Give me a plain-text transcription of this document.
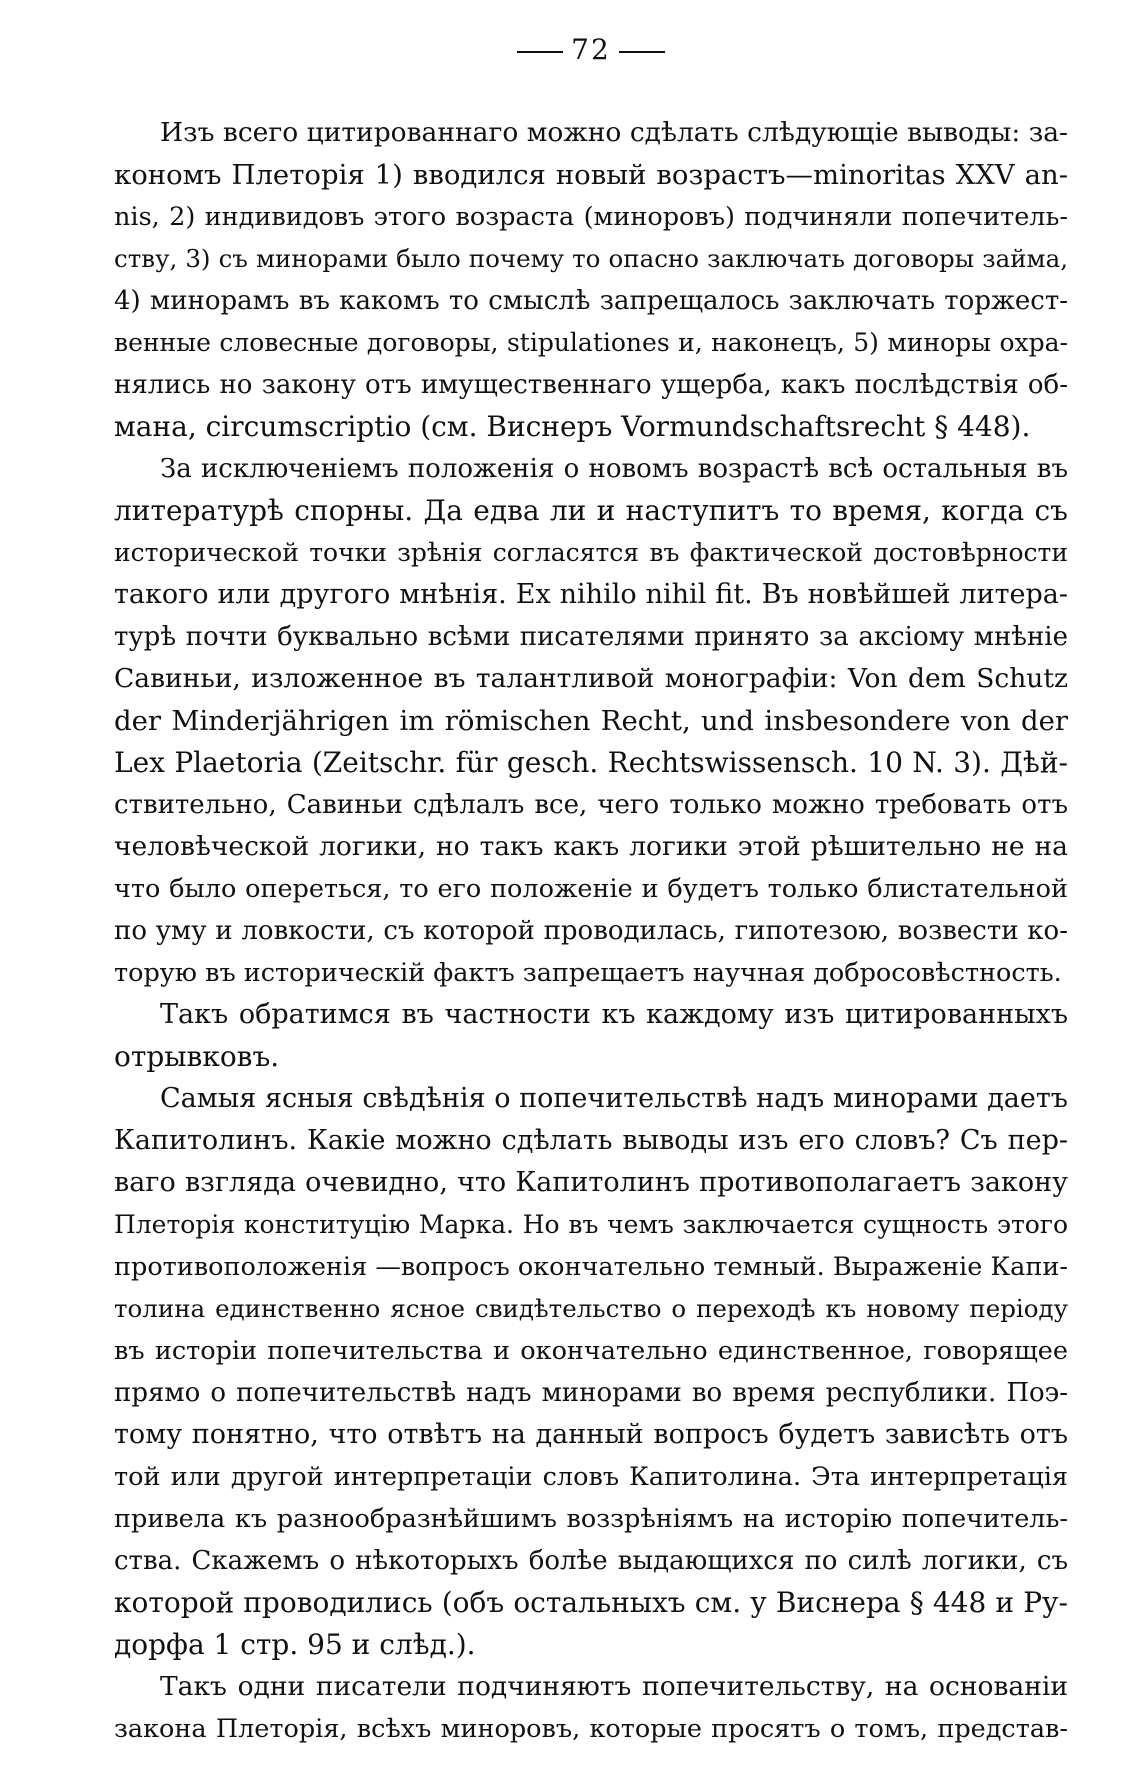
72

Изъ всего цитированнаго можно сдѣлать слѣдующіе выводы: за-
кономъ Плеторія 1) вводился новый возрастъ—minoritas XXV an-
nis, 2) индивидовъ этого возраста (миноровъ) подчиняли попечитель-
ству, 3) съ минорами было почему то опасно заключать договоры займа,
4) минорамъ въ какомъ то смыслѣ запрещалось заключать торжест-
венные словесные договоры, stipulationes и, наконецъ, 5) миноры охра-
нялись но закону отъ имущественнаго ущерба, какъ послѣдствія об-
мана, circumscriptio (см. Виснеръ Vormundschaftsrecht § 448).

За исключеніемъ положенія о новомъ возрастѣ всѣ остальныя въ
литературѣ спорны. Да едва ли и наступитъ то время, когда съ
исторической точки зрѣнія согласятся въ фактической достовѣрности
такого или другого мнѣнія. Ex nihilo nihil fit. Въ новѣйшей литера-
турѣ почти буквально всѣми писателями принято за аксіому мнѣніе
Савиньи, изложенное въ талантливой монографіи: Von dem Schutz
der Minderjährigen im römischen Recht, und insbesondere von der
Lex Plaetoria (Zeitschr. für gesch. Rechtswissensch. 10 N. 3). Дѣй-
ствительно, Савиньи сдѣлалъ все, чего только можно требовать отъ
человѣческой логики, но такъ какъ логики этой рѣшительно не на
что было опереться, то его положеніе и будетъ только блистательной
по уму и ловкости, съ которой проводилась, гипотезою, возвести ко-
торую въ историческій фактъ запрещаетъ научная добросовѣстность.

Такъ обратимся въ частности къ каждому изъ цитированныхъ
отрывковъ.

Самыя ясныя свѣдѣнія о попечительствѣ надъ минорами даетъ
Капитолинъ. Какіе можно сдѣлать выводы изъ его словъ? Съ пер-
ваго взгляда очевидно, что Капитолинъ противополагаетъ закону
Плеторія конституцію Марка. Но въ чемъ заключается сущность этого
противоположенія —вопросъ окончательно темный. Выраженіе Капи-
толина единственно ясное свидѣтельство о переходѣ къ новому періоду
въ исторіи попечительства и окончательно единственное, говорящее
прямо о попечительствѣ надъ минорами во время республики. Поэ-
тому понятно, что отвѣтъ на данный вопросъ будетъ зависѣть отъ
той или другой интерпретаціи словъ Капитолина. Эта интерпретація
привела къ разнообразнѣйшимъ воззрѣніямъ на исторію попечитель-
ства. Скажемъ о нѣкоторыхъ болѣе выдающихся по силѣ логики, съ
которой проводились (объ остальныхъ см. у Виснера § 448 и Ру-
дорфа 1 стр. 95 и слѣд.).

Такъ одни писатели подчиняютъ попечительству, на основаніи
закона Плеторія, всѣхъ миноровъ, которые просятъ о томъ, представ-
